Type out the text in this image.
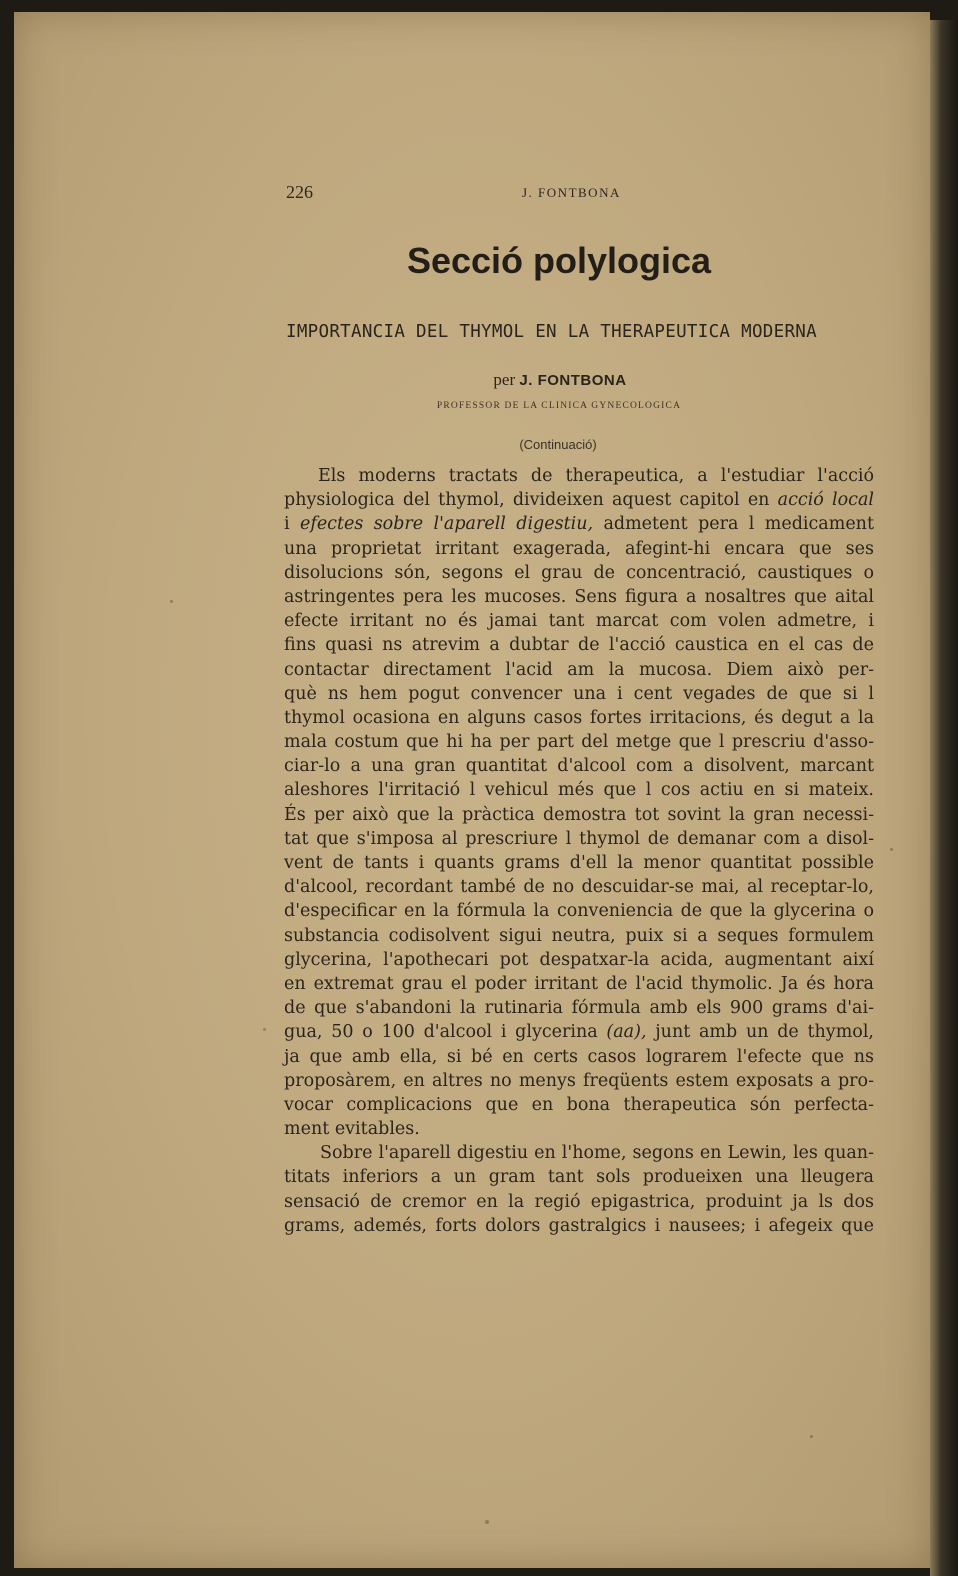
226	J. FONTBONA
Secció polylogica
IMPORTANCIA DEL THYMOL EN LA THERAPEUTICA MODERNA
per J. FONTBONA
PROFESSOR DE LA CLINICA GYNECOLOGICA
(Continuació)
Els moderns tractats de therapeutica, a l'estudiar l'acció
physiologica del thymol, divideixen aquest capitol en acció local
i efectes sobre l'aparell digestiu, admetent pera l medicament
una proprietat irritant exagerada, afegint-hi encara que ses
disolucions són, segons el grau de concentració, caustiques o
astringentes pera les mucoses. Sens figura a nosaltres que aital
efecte irritant no és jamai tant marcat com volen admetre, i
fins quasi ns atrevim a dubtar de l'acció caustica en el cas de
contactar directament l'acid am la mucosa. Diem això per-
què ns hem pogut convencer una i cent vegades de que si l
thymol ocasiona en alguns casos fortes irritacions, és degut a la
mala costum que hi ha per part del metge que l prescriu d'asso-
ciar-lo a una gran quantitat d'alcool com a disolvent, marcant
aleshores l'irritació l vehicul més que l cos actiu en si mateix.
És per això que la pràctica demostra tot sovint la gran necessi-
tat que s'imposa al prescriure l thymol de demanar com a disol-
vent de tants i quants grams d'ell la menor quantitat possible
d'alcool, recordant també de no descuidar-se mai, al receptar-lo,
d'especificar en la fórmula la conveniencia de que la glycerina o
substancia codisolvent sigui neutra, puix si a seques formulem
glycerina, l'apothecari pot despatxar-la acida, augmentant així
en extremat grau el poder irritant de l'acid thymolic. Ja és hora
de que s'abandoni la rutinaria fórmula amb els 900 grams d'ai-
gua, 50 o 100 d'alcool i glycerina (aa), junt amb un de thymol,
ja que amb ella, si bé en certs casos lograrem l'efecte que ns
proposàrem, en altres no menys freqüents estem exposats a pro-
vocar complicacions que en bona therapeutica són perfecta-
ment evitables.
Sobre l'aparell digestiu en l'home, segons en Lewin, les quan-
titats inferiors a un gram tant sols produeixen una lleugera
sensació de cremor en la regió epigastrica, produint ja ls dos
grams, ademés, forts dolors gastralgics i nausees; i afegeix que
